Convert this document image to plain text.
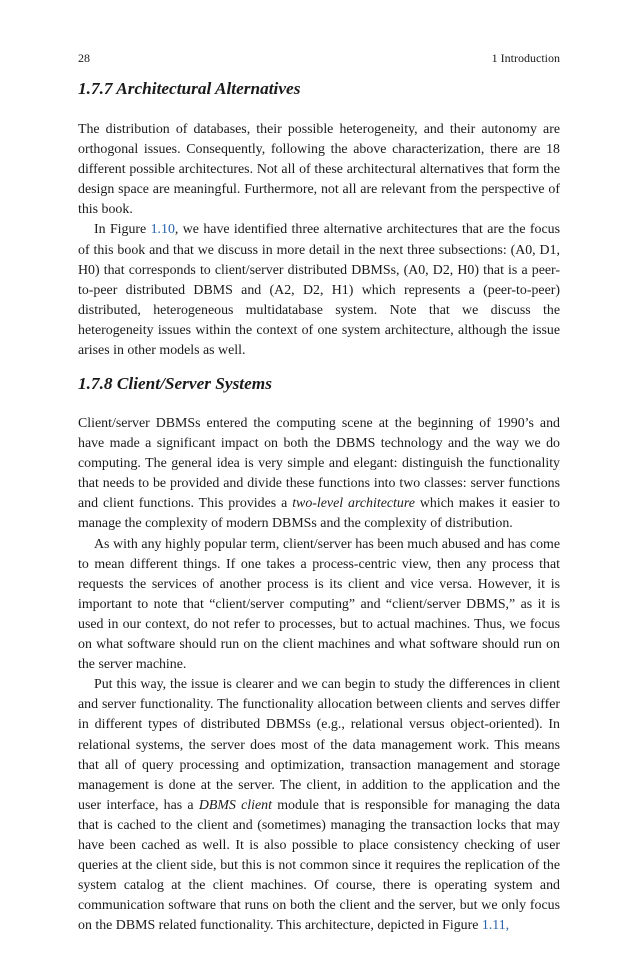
28	1 Introduction
1.7.7 Architectural Alternatives

The distribution of databases, their possible heterogeneity, and their autonomy are orthogonal issues. Consequently, following the above characterization, there are 18 different possible architectures. Not all of these architectural alternatives that form the design space are meaningful. Furthermore, not all are relevant from the perspective of this book.

In Figure 1.10, we have identified three alternative architectures that are the focus of this book and that we discuss in more detail in the next three subsections: (A0, D1, H0) that corresponds to client/server distributed DBMSs, (A0, D2, H0) that is a peer-to-peer distributed DBMS and (A2, D2, H1) which represents a (peer-to-peer) distributed, heterogeneous multidatabase system. Note that we discuss the heterogeneity issues within the context of one system architecture, although the issue arises in other models as well.

1.7.8 Client/Server Systems

Client/server DBMSs entered the computing scene at the beginning of 1990’s and have made a significant impact on both the DBMS technology and the way we do computing. The general idea is very simple and elegant: distinguish the functionality that needs to be provided and divide these functions into two classes: server functions and client functions. This provides a two-level architecture which makes it easier to manage the complexity of modern DBMSs and the complexity of distribution.

As with any highly popular term, client/server has been much abused and has come to mean different things. If one takes a process-centric view, then any process that requests the services of another process is its client and vice versa. However, it is important to note that “client/server computing” and “client/server DBMS,” as it is used in our context, do not refer to processes, but to actual machines. Thus, we focus on what software should run on the client machines and what software should run on the server machine.

Put this way, the issue is clearer and we can begin to study the differences in client and server functionality. The functionality allocation between clients and serves differ in different types of distributed DBMSs (e.g., relational versus object-oriented). In relational systems, the server does most of the data management work. This means that all of query processing and optimization, transaction management and storage management is done at the server. The client, in addition to the application and the user interface, has a DBMS client module that is responsible for managing the data that is cached to the client and (sometimes) managing the transaction locks that may have been cached as well. It is also possible to place consistency checking of user queries at the client side, but this is not common since it requires the replication of the system catalog at the client machines. Of course, there is operating system and communication software that runs on both the client and the server, but we only focus on the DBMS related functionality. This architecture, depicted in Figure 1.11,
